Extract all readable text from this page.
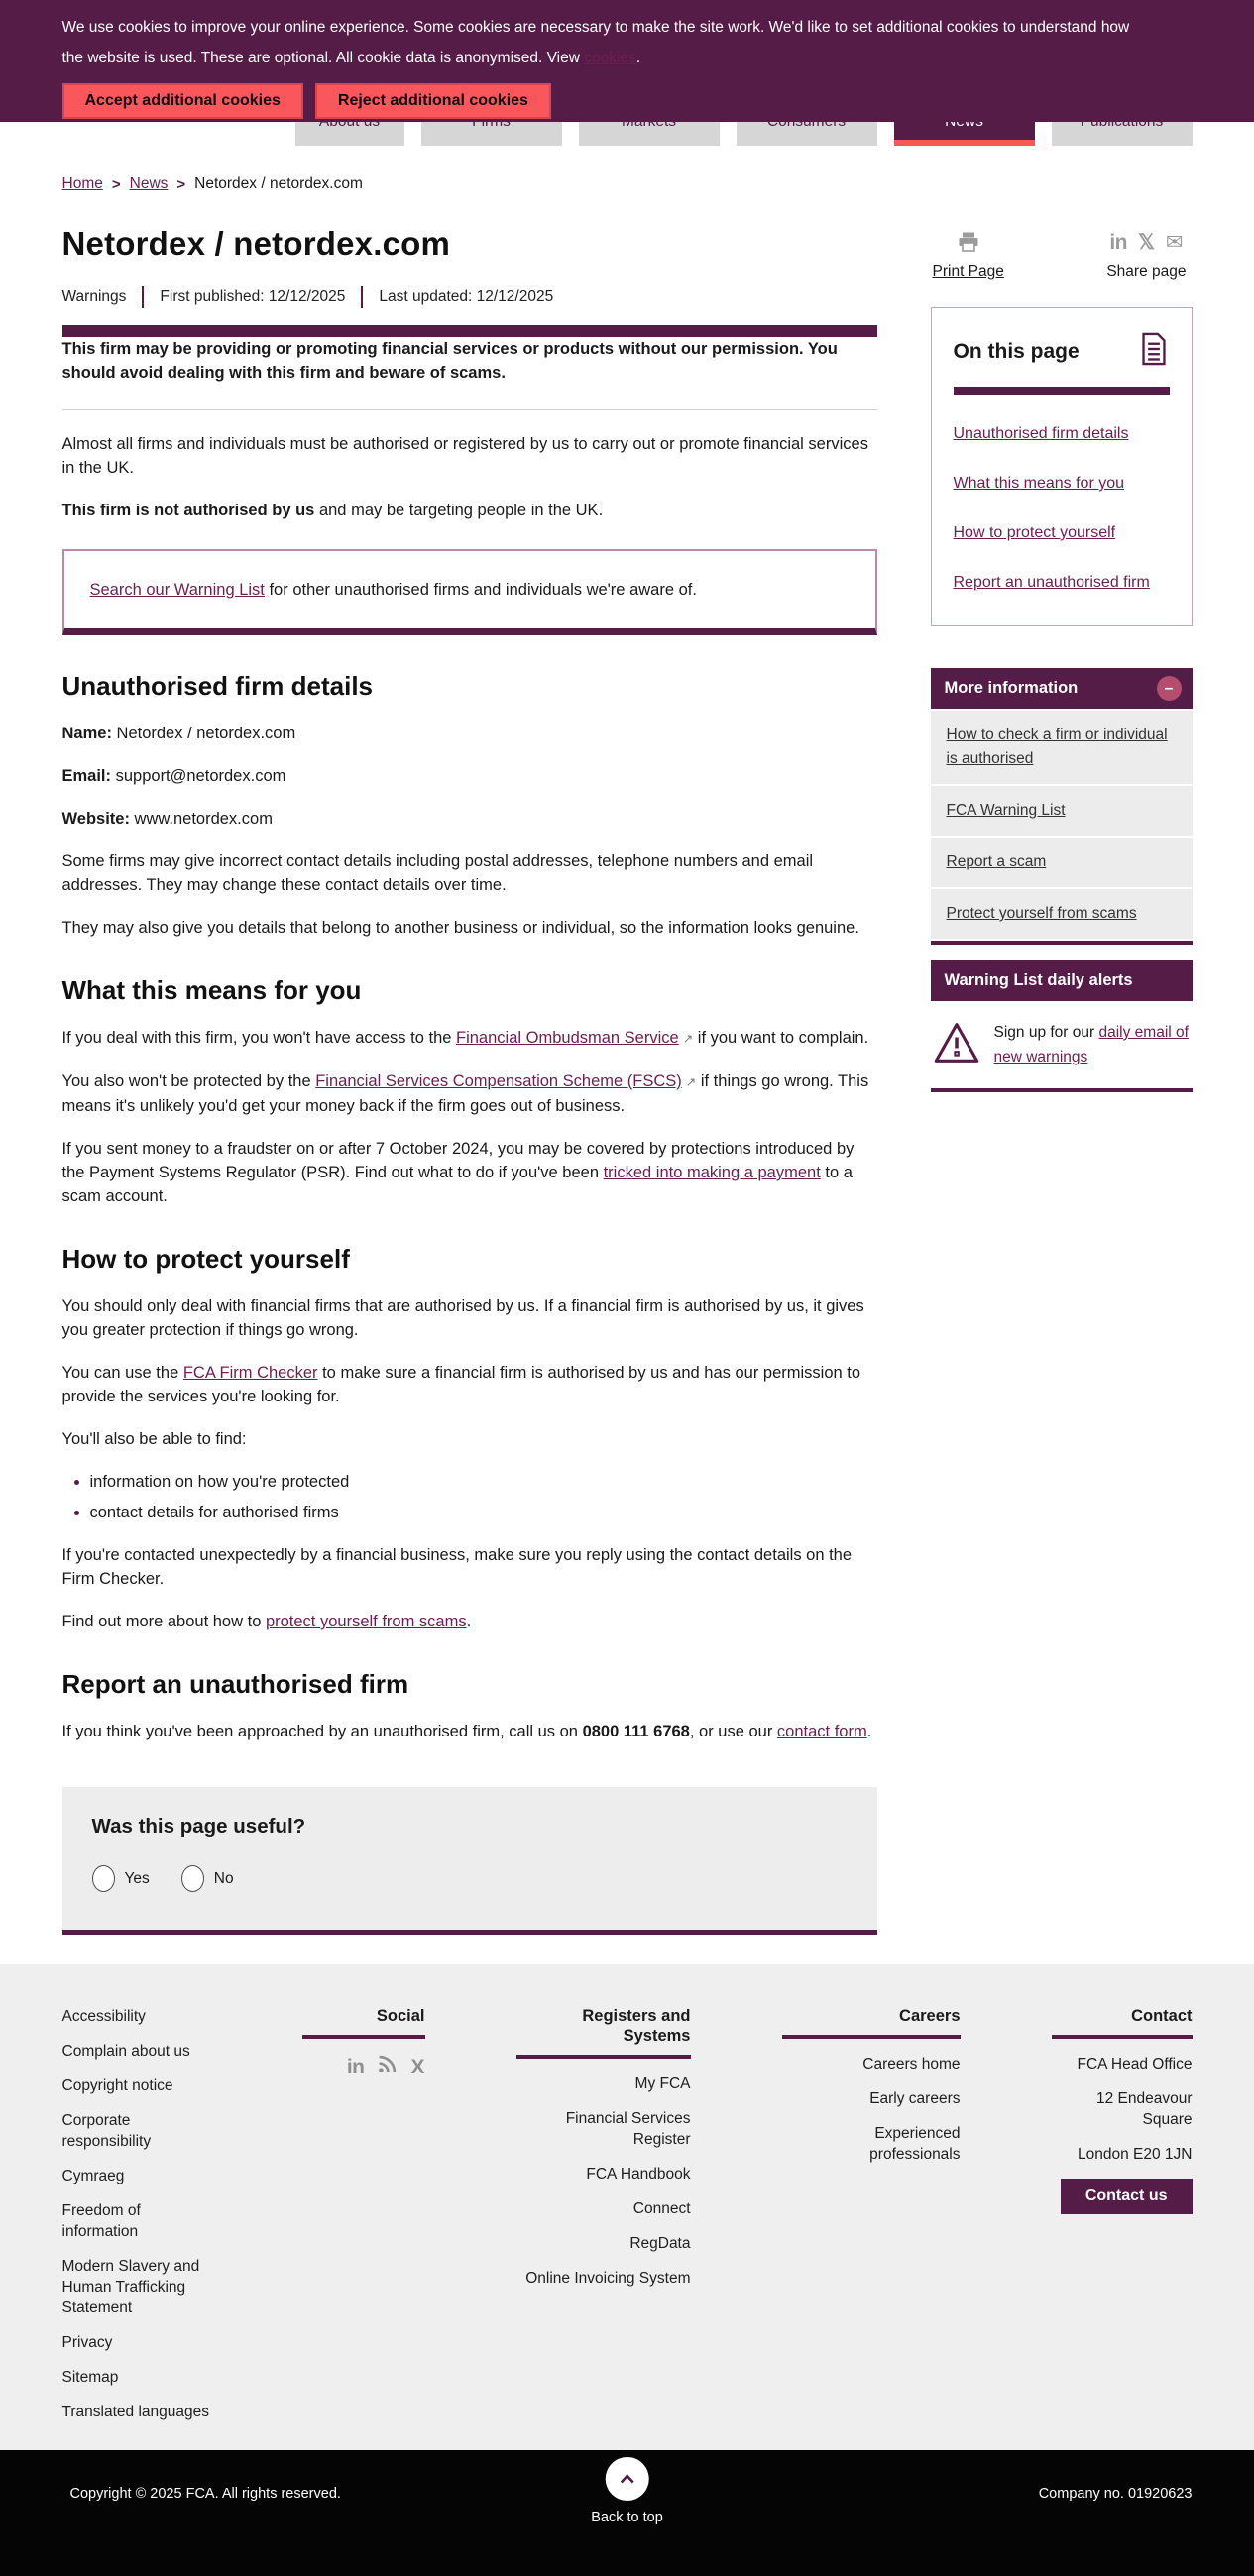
We use cookies to improve your online experience. Some cookies are necessary to make the site work. We'd like to set additional cookies to understand how the website is used. These are optional. All cookie data is anonymised. View cookies.

Accept additional cookies	Reject additional cookies
Home > News > Netordex / netordex.com
Netordex / netordex.com
Warnings First published: 12/12/2025 Last updated: 12/12/2025

This firm may be providing or promoting financial services or products without our permission. You should avoid dealing with this firm and beware of scams.

Almost all firms and individuals must be authorised or registered by us to carry out or promote financial services in the UK.

This firm is not authorised by us and may be targeting people in the UK.

Search our Warning List for other unauthorised firms and individuals we're aware of.

Unauthorised firm details

Name: Netordex / netordex.com

Email: support@netordex.com

Website: www.netordex.com

Some firms may give incorrect contact details including postal addresses, telephone numbers and email addresses. They may change these contact details over time.

They may also give you details that belong to another business or individual, so the information looks genuine.

What this means for you

If you deal with this firm, you won't have access to the Financial Ombudsman Service ↗ if you want to complain.

You also won't be protected by the Financial Services Compensation Scheme (FSCS) ↗ if things go wrong. This means it's unlikely you'd get your money back if the firm goes out of business.

If you sent money to a fraudster on or after 7 October 2024, you may be covered by protections introduced by the Payment Systems Regulator (PSR). Find out what to do if you've been tricked into making a payment to a scam account.

How to protect yourself

You should only deal with financial firms that are authorised by us. If a financial firm is authorised by us, it gives you greater protection if things go wrong.

You can use the FCA Firm Checker to make sure a financial firm is authorised by us and has our permission to provide the services you're looking for.

You'll also be able to find:

• information on how you're protected
• contact details for authorised firms

If you're contacted unexpectedly by a financial business, make sure you reply using the contact details on the Firm Checker.

Find out more about how to protect yourself from scams.

Report an unauthorised firm

If you think you've been approached by an unauthorised firm, call us on 0800 111 6768, or use our contact form.

Was this page useful?
Yes	No
Print Page
in 𝕏 ✉
Share page
On this page
Unauthorised firm details
What this means for you
How to protect yourself
Report an unauthorised firm
More information	–
How to check a firm or individual is authorised
FCA Warning List
Report a scam
Protect yourself from scams
Warning List daily alerts

Sign up for our daily email of new warnings

Accessibility
Complain about us
Copyright notice
Corporate responsibility
Cymraeg
Freedom of information
Modern Slavery and Human Trafficking Statement
Privacy
Sitemap
Translated languages
Social
in X
Registers and Systems
My FCA
Financial Services Register
FCA Handbook
Connect
RegData
Online Invoicing System
Careers
Careers home
Early careers
Experienced professionals
Contact
FCA Head Office
12 Endeavour Square
London E20 1JN
Contact us
Copyright © 2025 FCA. All rights reserved.
Back to top
Company no. 01920623
